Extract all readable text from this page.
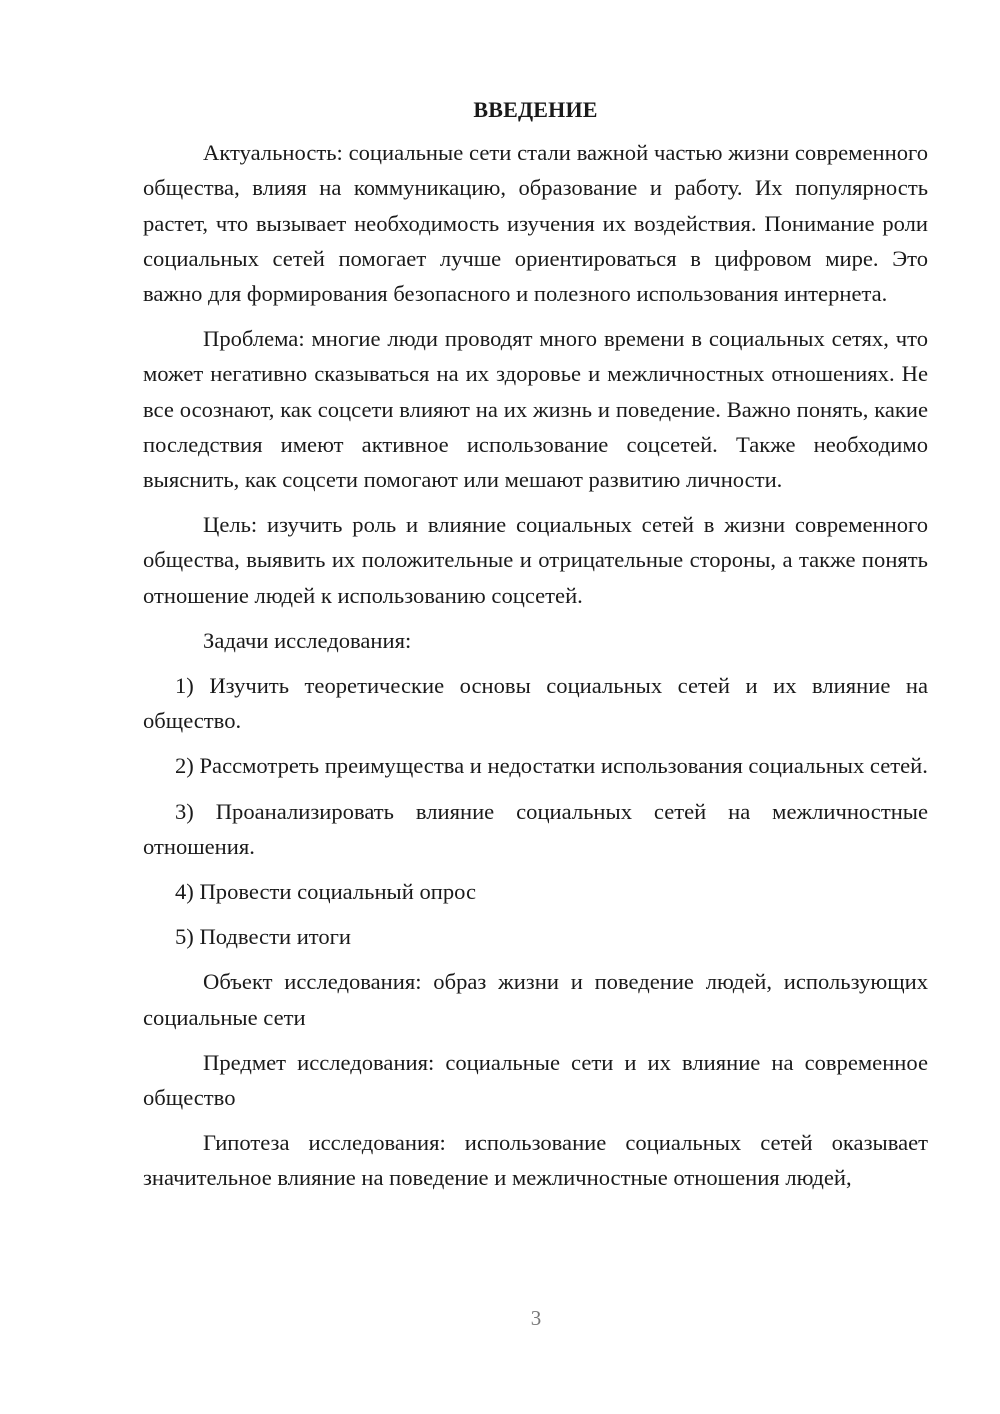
ВВЕДЕНИЕ

Актуальность: социальные сети стали важной частью жизни современного общества, влияя на коммуникацию, образование и работу. Их популярность растет, что вызывает необходимость изучения их воздействия. Понимание роли социальных сетей помогает лучше ориентироваться в цифровом мире. Это важно для формирования безопасного и полезного использования интернета.

Проблема: многие люди проводят много времени в социальных сетях, что может негативно сказываться на их здоровье и межличностных отношениях. Не все осознают, как соцсети влияют на их жизнь и поведение. Важно понять, какие последствия имеют активное использование соцсетей. Также необходимо выяснить, как соцсети помогают или мешают развитию личности.

Цель: изучить роль и влияние социальных сетей в жизни современного общества, выявить их положительные и отрицательные стороны, а также понять отношение людей к использованию соцсетей.

Задачи исследования:

1) Изучить теоретические основы социальных сетей и их влияние на общество.

2) Рассмотреть преимущества и недостатки использования социальных сетей.

3) Проанализировать влияние социальных сетей на межличностные отношения.

4) Провести социальный опрос

5) Подвести итоги

Объект исследования: образ жизни и поведение людей, использующих социальные сети

Предмет исследования: социальные сети и их влияние на современное общество

Гипотеза исследования: использование социальных сетей оказывает значительное влияние на поведение и межличностные отношения людей,

3
